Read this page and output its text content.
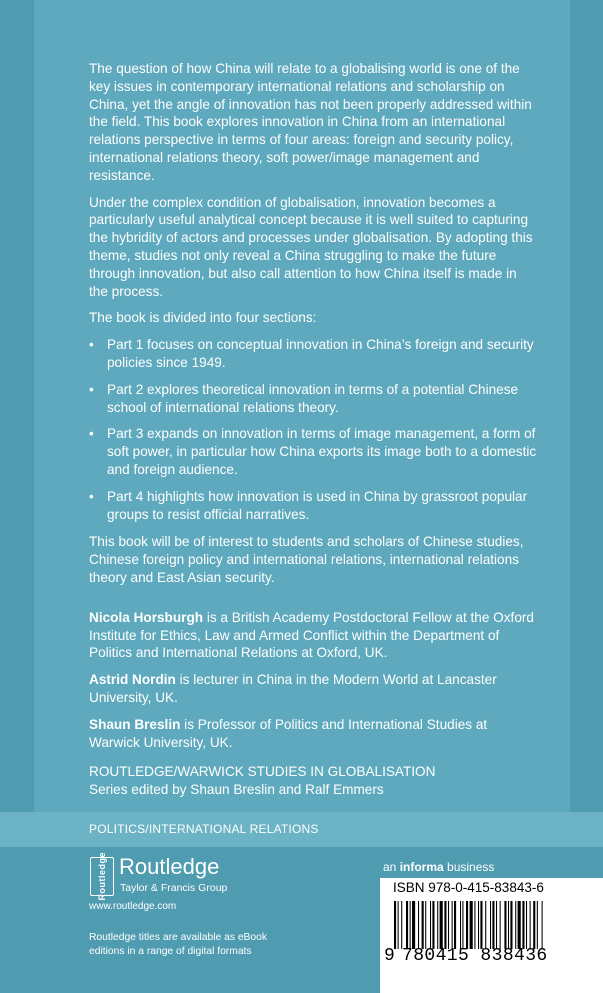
The question of how China will relate to a globalising world is one of the key issues in contemporary international relations and scholarship on China, yet the angle of innovation has not been properly addressed within the field. This book explores innovation in China from an international relations perspective in terms of four areas: foreign and security policy, international relations theory, soft power/image management and resistance.

Under the complex condition of globalisation, innovation becomes a particularly useful analytical concept because it is well suited to capturing the hybridity of actors and processes under globalisation. By adopting this theme, studies not only reveal a China struggling to make the future through innovation, but also call attention to how China itself is made in the process.

The book is divided into four sections:

• Part 1 focuses on conceptual innovation in China’s foreign and security policies since 1949.
• Part 2 explores theoretical innovation in terms of a potential Chinese school of international relations theory.
• Part 3 expands on innovation in terms of image management, a form of soft power, in particular how China exports its image both to a domestic and foreign audience.
• Part 4 highlights how innovation is used in China by grassroot popular groups to resist official narratives.

This book will be of interest to students and scholars of Chinese studies, Chinese foreign policy and international relations, international relations theory and East Asian security.

Nicola Horsburgh is a British Academy Postdoctoral Fellow at the Oxford Institute for Ethics, Law and Armed Conflict within the Department of Politics and International Relations at Oxford, UK.

Astrid Nordin is lecturer in China in the Modern World at Lancaster University, UK.

Shaun Breslin is Professor of Politics and International Studies at Warwick University, UK.

ROUTLEDGE/WARWICK STUDIES IN GLOBALISATION
Series edited by Shaun Breslin and Ralf Emmers
POLITICS/INTERNATIONAL RELATIONS
Routledge Routledge
Taylor & Francis Group
www.routledge.com
Routledge titles are available as eBook editions in a range of digital formats
an informa business
ISBN 978-0-415-83843-6
9 780415 838436
